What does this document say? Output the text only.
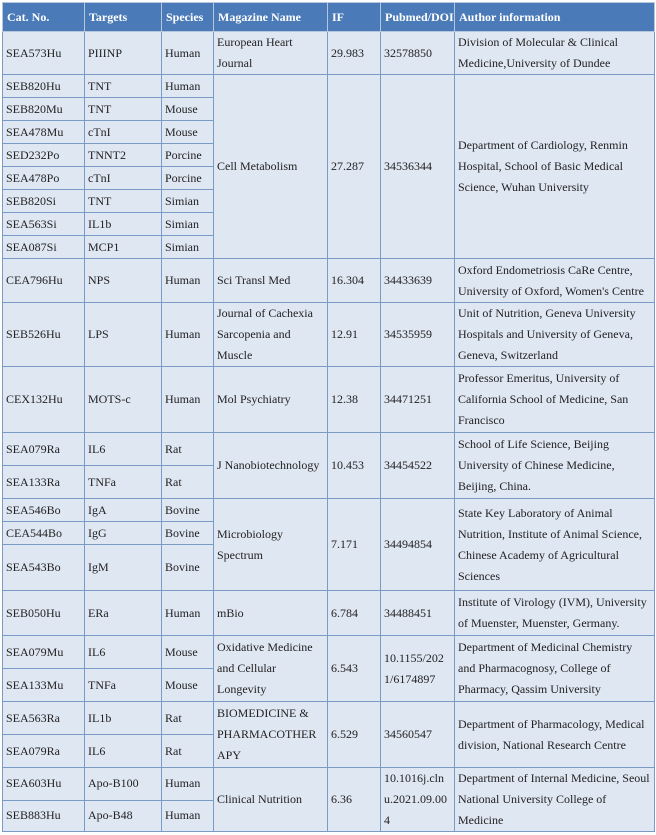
Cat. No.	Targets	Species	Magazine Name	IF	Pubmed/DOI	Author information
SEA573Hu	PIIINP	Human	European Heart Journal	29.983	32578850	Division of Molecular & Clinical Medicine,University of Dundee
SEB820Hu	TNT	Human	Cell Metabolism	27.287	34536344	Department of Cardiology, Renmin Hospital, School of Basic Medical Science, Wuhan University
SEB820Mu	TNT	Mouse				
SEA478Mu	cTnI	Mouse				
SED232Po	TNNT2	Porcine				
SEA478Po	cTnI	Porcine				
SEB820Si	TNT	Simian				
SEA563Si	IL1b	Simian				
SEA087Si	MCP1	Simian				
CEA796Hu	NPS	Human	Sci Transl Med	16.304	34433639	Oxford Endometriosis CaRe Centre, University of Oxford, Women's Centre
SEB526Hu	LPS	Human	Journal of Cachexia Sarcopenia and Muscle	12.91	34535959	Unit of Nutrition, Geneva University Hospitals and University of Geneva, Geneva, Switzerland
CEX132Hu	MOTS-c	Human	Mol Psychiatry	12.38	34471251	Professor Emeritus, University of California School of Medicine, San Francisco
SEA079Ra	IL6	Rat	J Nanobiotechnology	10.453	34454522	School of Life Science, Beijing University of Chinese Medicine, Beijing, China.
SEA133Ra	TNFa	Rat				
SEA546Bo	IgA	Bovine	Microbiology Spectrum	7.171	34494854	State Key Laboratory of Animal Nutrition, Institute of Animal Science, Chinese Academy of Agricultural Sciences
CEA544Bo	IgG	Bovine				
SEA543Bo	IgM	Bovine				
SEB050Hu	ERa	Human	mBio	6.784	34488451	Institute of Virology (IVM), University of Muenster, Muenster, Germany.
SEA079Mu	IL6	Mouse	Oxidative Medicine and Cellular Longevity	6.543	10.1155/2021/6174897	Department of Medicinal Chemistry and Pharmacognosy, College of Pharmacy, Qassim University
SEA133Mu	TNFa	Mouse				
SEA563Ra	IL1b	Rat	BIOMEDICINE & PHARMACOTHERAPY	6.529	34560547	Department of Pharmacology, Medical division, National Research Centre
SEA079Ra	IL6	Rat				
SEA603Hu	Apo-B100	Human	Clinical Nutrition	6.36	10.1016j.clnu.2021.09.004	Department of Internal Medicine, Seoul National University College of Medicine
SEB883Hu	Apo-B48	Human				
